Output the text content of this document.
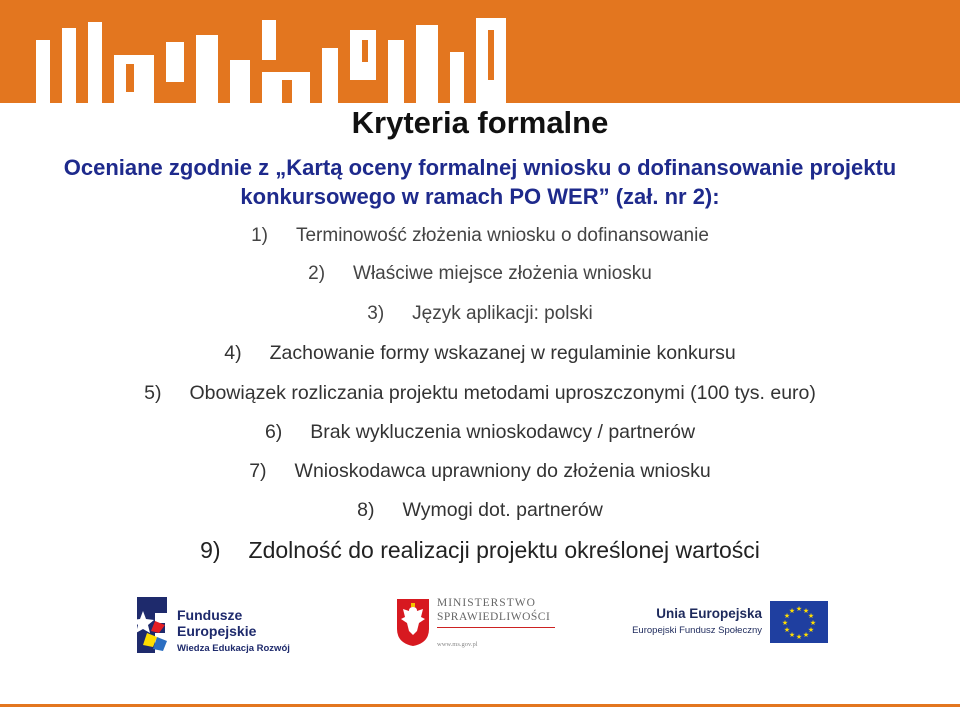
Kryteria formalne
Oceniane zgodnie z „Kartą oceny formalnej wniosku o dofinansowanie projektu
konkursowego w ramach PO WER” (zał. nr 2):
1) Terminowość złożenia wniosku o dofinansowanie
2) Właściwe miejsce złożenia wniosku
3) Język aplikacji: polski
4) Zachowanie formy wskazanej w regulaminie konkursu
5) Obowiązek rozliczania projektu metodami uproszczonymi (100 tys. euro)
6) Brak wykluczenia wnioskodawcy / partnerów
7) Wnioskodawca uprawniony do złożenia wniosku
8) Wymogi dot. partnerów
9) Zdolność do realizacji projektu określonej wartości
Fundusze
Europejskie
Wiedza Edukacja Rozwój
MINISTERSTWO
SPRAWIEDLIWOŚCI
www.ms.gov.pl
Unia Europejska
Europejski Fundusz Społeczny
★ ★
★
★
★
★
★
★
★
★
★
★
